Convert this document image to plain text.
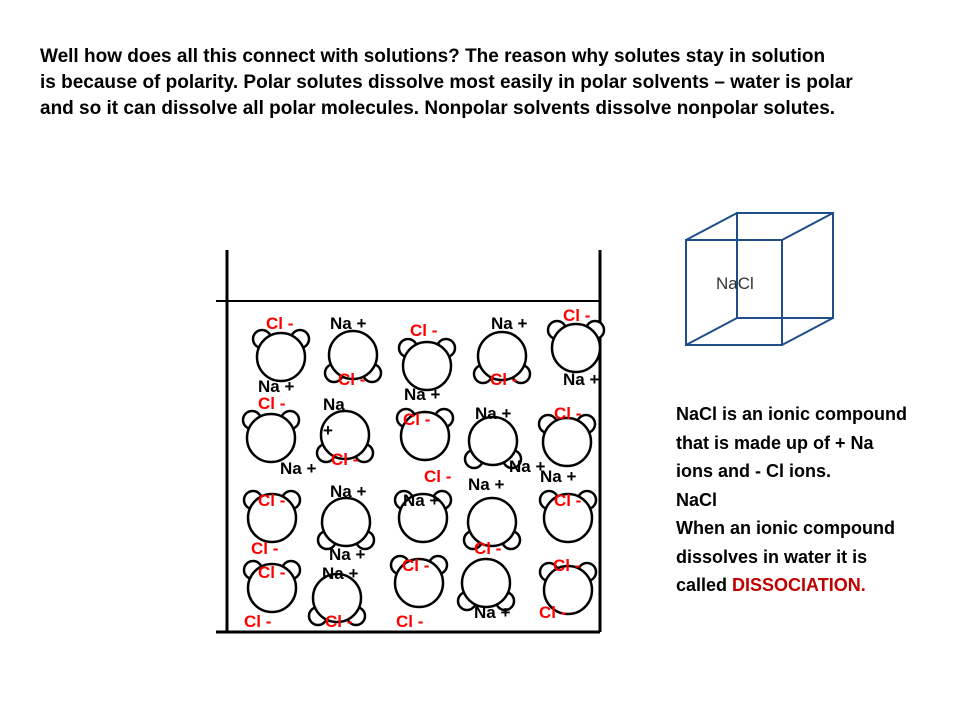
Well how does all this connect with solutions? The reason why solutes stay in solution
is because of polarity. Polar solutes dissolve most easily in polar solvents – water is polar
and so it can dissolve all polar molecules. Nonpolar solvents dissolve nonpolar solutes.
Cl - Na +	Cl -	Na + Cl -
Cl -	Cl -	Na +
Na +	Na +
Cl - Na
+
Cl -	Na +	Cl -
Na + Cl -
Cl -	Na +
Na +
Na +
Na +
Cl -	Na +	Cl -
Cl -	Cl -
Na +
Cl -
Cl -	Cl -
Na +
Cl -	Cl -	Cl -	Na + Cl -
NaCl
NaCl is an ionic compound
that is made up of + Na
ions and - Cl ions.
NaCl
When an ionic compound
dissolves in water it is
called DISSOCIATION.
